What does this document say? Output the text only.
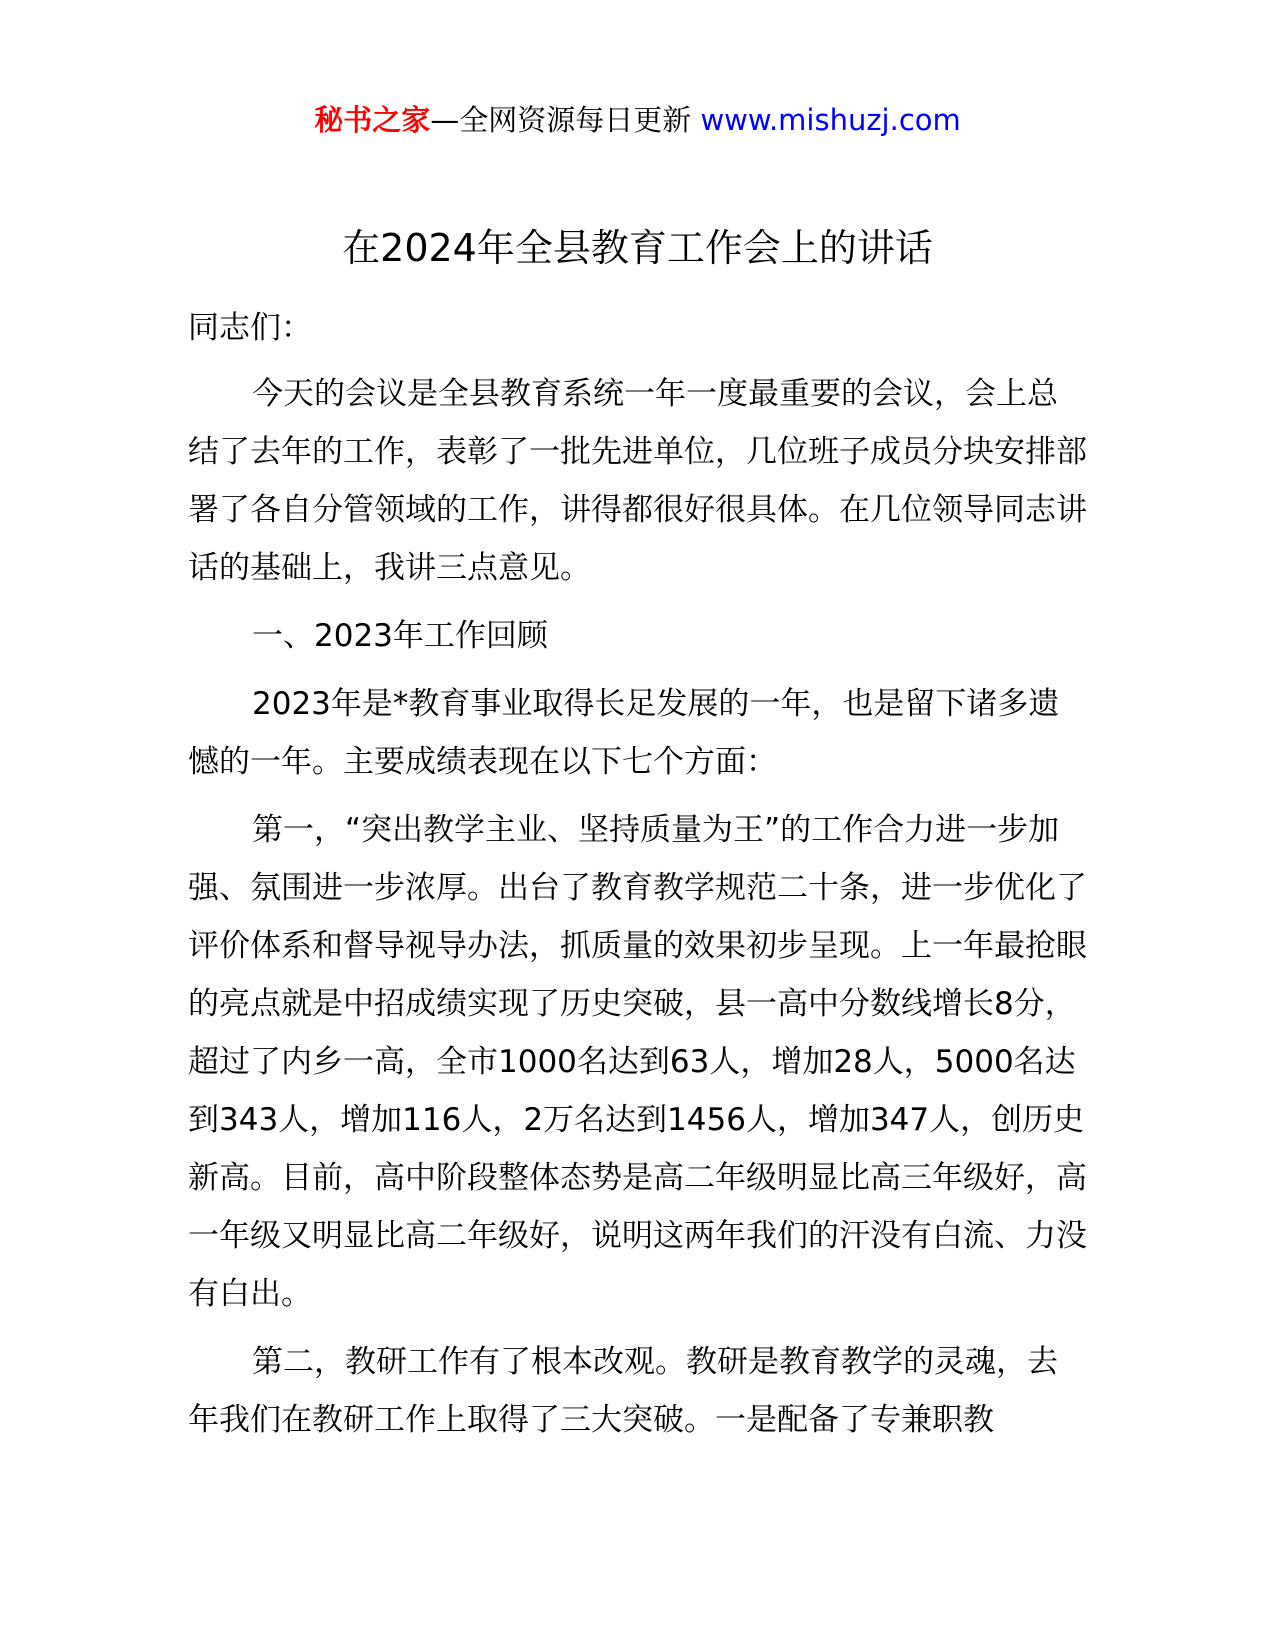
秘书之家—全网资源每日更新 www.mishuzj.com
在2024年全县教育工作会上的讲话

同志们：

今天的会议是全县教育系统一年一度最重要的会议，会上总结了去年的工作，表彰了一批先进单位，几位班子成员分块安排部署了各自分管领域的工作，讲得都很好很具体。在几位领导同志讲话的基础上，我讲三点意见。

一、2023年工作回顾

2023年是*教育事业取得长足发展的一年，也是留下诸多遗憾的一年。主要成绩表现在以下七个方面：

第一，“突出教学主业、坚持质量为王”的工作合力进一步加强、氛围进一步浓厚。出台了教育教学规范二十条，进一步优化了评价体系和督导视导办法，抓质量的效果初步呈现。上一年最抢眼的亮点就是中招成绩实现了历史突破，县一高中分数线增长8分，超过了内乡一高，全市1000名达到63人，增加28人，5000名达到343人，增加116人，2万名达到1456人，增加347人，创历史新高。目前，高中阶段整体态势是高二年级明显比高三年级好，高一年级又明显比高二年级好，说明这两年我们的汗没有白流、力没有白出。

第二，教研工作有了根本改观。教研是教育教学的灵魂，去年我们在教研工作上取得了三大突破。一是配备了专兼职教
